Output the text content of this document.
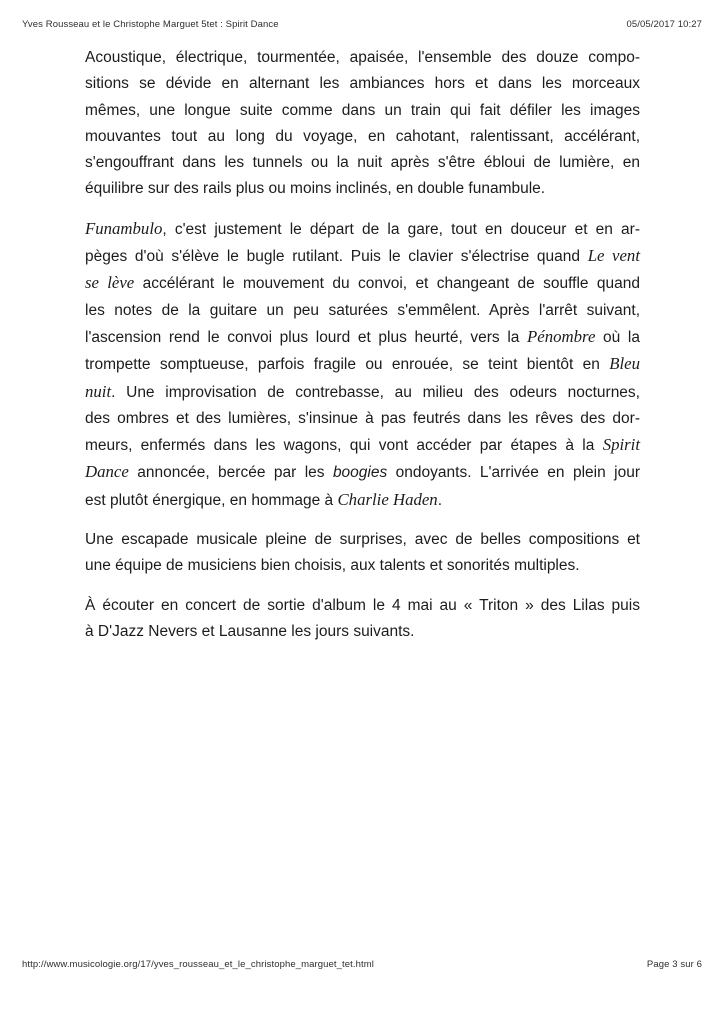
Yves Rousseau et le Christophe Marguet 5tet : Spirit Dance	05/05/2017 10:27
Acoustique, électrique, tourmentée, apaisée, l'ensemble des douze compo-
sitions se dévide en alternant les ambiances hors et dans les morceaux
mêmes, une longue suite comme dans un train qui fait défiler les images
mouvantes tout au long du voyage, en cahotant, ralentissant, accélérant,
s'engouffrant dans les tunnels ou la nuit après s'être ébloui de lumière, en
équilibre sur des rails plus ou moins inclinés, en double funambule.
Funambulo, c'est justement le départ de la gare, tout en douceur et en ar-
pèges d'où s'élève le bugle rutilant. Puis le clavier s'électrise quand Le vent
se lève accélérant le mouvement du convoi, et changeant de souffle quand
les notes de la guitare un peu saturées s'emmêlent. Après l'arrêt suivant,
l'ascension rend le convoi plus lourd et plus heurté, vers la Pénombre où la
trompette somptueuse, parfois fragile ou enrouée, se teint bientôt en Bleu
nuit. Une improvisation de contrebasse, au milieu des odeurs nocturnes,
des ombres et des lumières, s'insinue à pas feutrés dans les rêves des dor-
meurs, enfermés dans les wagons, qui vont accéder par étapes à la Spirit
Dance annoncée, bercée par les boogies ondoyants. L'arrivée en plein jour
est plutôt énergique, en hommage à Charlie Haden.
Une escapade musicale pleine de surprises, avec de belles compositions et
une équipe de musiciens bien choisis, aux talents et sonorités multiples.
À écouter en concert de sortie d'album le 4 mai au « Triton » des Lilas puis
à D'Jazz Nevers et Lausanne les jours suivants.
http://www.musicologie.org/17/yves_rousseau_et_le_christophe_marguet_tet.html	Page 3 sur 6
